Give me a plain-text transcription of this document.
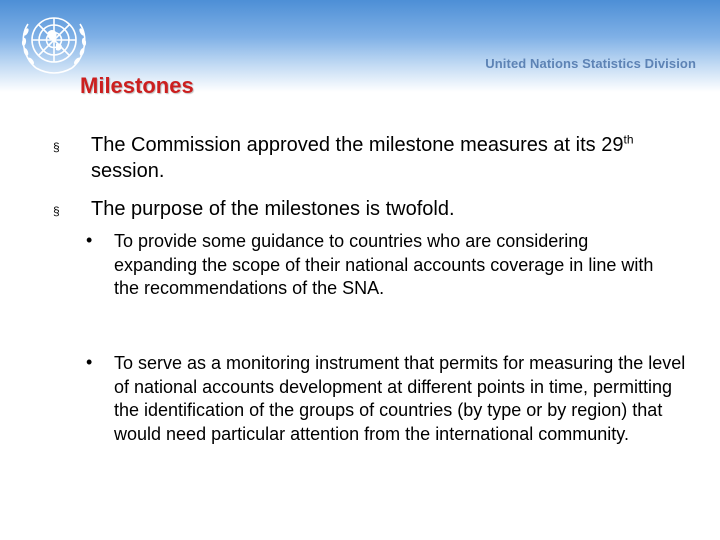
United Nations Statistics Division
Milestones
§ The Commission approved the milestone measures at its 29th session.
§ The purpose of the milestones is twofold.
• To provide some guidance to countries who are considering expanding the scope of their national accounts coverage in line with the recommendations of the SNA.
• To serve as a monitoring instrument that permits for measuring the level of national accounts development at different points in time, permitting the identification of the groups of countries (by type or by region) that would need particular attention from the international community.
